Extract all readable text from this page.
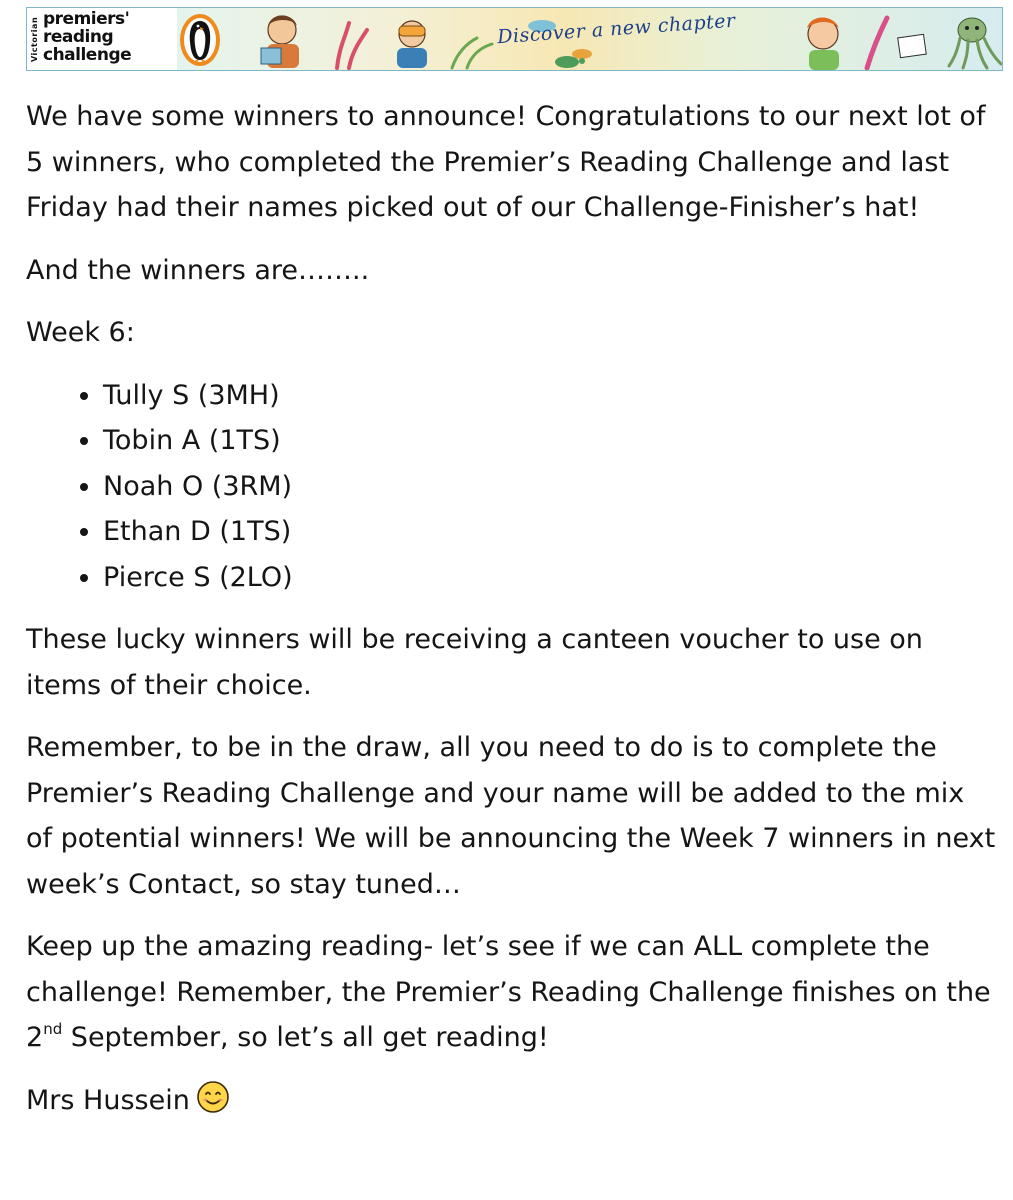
Victorian premiers'
reading
challenge
Discover a new chapter

We have some winners to announce! Congratulations to our next lot of 5 winners, who completed the Premier’s Reading Challenge and last Friday had their names picked out of our Challenge-Finisher’s hat!

And the winners are……..

Week 6:

• Tully S (3MH)
• Tobin A (1TS)
• Noah O (3RM)
• Ethan D (1TS)
• Pierce S (2LO)

These lucky winners will be receiving a canteen voucher to use on items of their choice.

Remember, to be in the draw, all you need to do is to complete the Premier’s Reading Challenge and your name will be added to the mix of potential winners! We will be announcing the Week 7 winners in next week’s Contact, so stay tuned…

Keep up the amazing reading- let’s see if we can ALL complete the challenge! Remember, the Premier’s Reading Challenge finishes on the 2nd September, so let’s all get reading!

Mrs Hussein
